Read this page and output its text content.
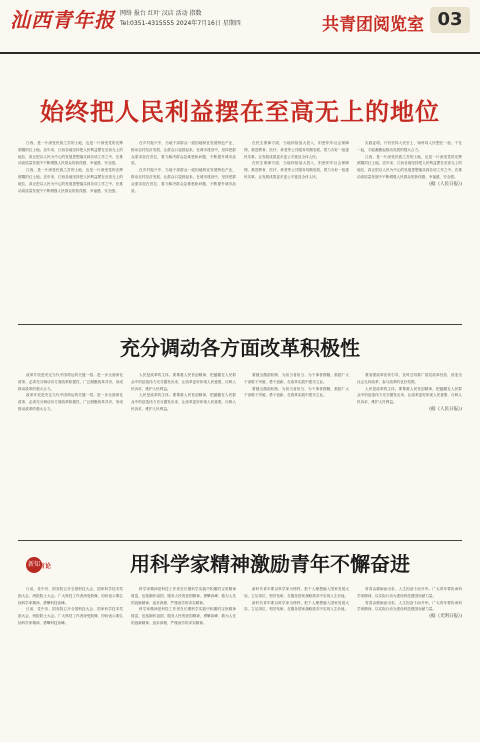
汕西青年报 网络 报台 红叶 汉店 活动 指数
Tel:0351-4315555 2024年7月16日 星期四	共青团阅览室 03
始终把人民利益摆在至高无上的地位

江西，是一片深受民族之苦的土地，也是一片深受党的光辉照耀的红土地。近年来，江西各地坚持把人民利益摆在至高无上的地位，真正把以人民为中心的发展思想落实到各项工作之中，在推动高质量发展中不断增强人民群众的获得感、幸福感、安全感。

江西，是一片深受民族之苦的土地，也是一片深受党的光辉照耀的红土地。近年来，江西各地坚持把人民利益摆在至高无上的地位，真正把以人民为中心的发展思想落实到各项工作之中，在推动高质量发展中不断增强人民群众的获得感、幸福感、安全感。

在乡村振兴中，当地干部群众一道因地制宜发展特色产业，推动农村经济发展，让群众口袋鼓起来。在城市建设中，坚持把群众需求放在首位，着力解决群众急难愁盼问题，不断提升城市品质。

在乡村振兴中，当地干部群众一道因地制宜发展特色产业，推动农村经济发展，让群众口袋鼓起来。在城市建设中，坚持把群众需求放在首位，着力解决群众急难愁盼问题，不断提升城市品质。

在民生保障方面，当地持续加大投入，织密织牢社会保障网，推进教育、医疗、养老等公共服务均衡发展，着力办好一批惠民实事，让发展成果更多更公平惠及全体人民。

在民生保障方面，当地持续加大投入，织密织牢社会保障网，推进教育、医疗、养老等公共服务均衡发展，着力办好一批惠民实事，让发展成果更多更公平惠及全体人民。

实践证明，只有坚持人民至上，始终同人民想在一起、干在一起，才能凝聚起推动发展的强大合力。

江西，是一片深受民族之苦的土地，也是一片深受党的光辉照耀的红土地。近年来，江西各地坚持把人民利益摆在至高无上的地位，真正把以人民为中心的发展思想落实到各项工作之中，在推动高质量发展中不断增强人民群众的获得感、幸福感、安全感。

(据《人民日报》)
充分调动各方面改革积极性

改革开放是决定当代中国命运的关键一招。进一步全面深化改革，必须充分调动各方面改革积极性，广泛凝聚改革共识，形成推动改革的强大合力。

改革开放是决定当代中国命运的关键一招。进一步全面深化改革，必须充分调动各方面改革积极性，广泛凝聚改革共识，形成推动改革的强大合力。

人民是改革的主体。要尊重人民首创精神，把蕴藏在人民群众中的创造伟力充分激发出来，让改革更好体现人民意愿、反映人民诉求、维护人民利益。

人民是改革的主体。要尊重人民首创精神，把蕴藏在人民群众中的创造伟力充分激发出来，让改革更好体现人民意愿、反映人民诉求、维护人民利益。

要健全激励机制，为担当者担当、为干事者撑腰，鼓励广大干部敢于突破、勇于创新，在改革实践中建功立业。

要健全激励机制，为担当者担当、为干事者撑腰，鼓励广大干部敢于突破、勇于创新，在改革实践中建功立业。

要加强改革宣传引导，及时总结推广基层改革经验，营造全社会支持改革、参与改革的良好氛围。

人民是改革的主体。要尊重人民首创精神，把蕴藏在人民群众中的创造伟力充分激发出来，让改革更好体现人民意愿、反映人民诉求、维护人民利益。

(据《人民日报》)
新知 言论	用科学家精神激励青年不懈奋进

日前，党中央、国务院召开全国科技大会、国家科学技术奖励大会、两院院士大会。广大科技工作者深受鼓舞，纷纷表示要弘扬科学家精神，勇攀科技高峰。

日前，党中央、国务院召开全国科技大会、国家科学技术奖励大会、两院院士大会。广大科技工作者深受鼓舞，纷纷表示要弘扬科学家精神，勇攀科技高峰。

科学家精神是科技工作者在长期科学实践中积累的宝贵精神财富，包括胸怀祖国、服务人民的爱国精神，勇攀高峰、敢为人先的创新精神，追求真理、严谨治学的求实精神。

科学家精神是科技工作者在长期科学实践中积累的宝贵精神财富，包括胸怀祖国、服务人民的爱国精神，勇攀高峰、敢为人先的创新精神，追求真理、严谨治学的求实精神。

新时代青年要以科学家为榜样，把个人理想融入国家发展大局，立足岗位、刻苦钻研，在服务国家战略需求中实现人生价值。

新时代青年要以科学家为榜样，把个人理想融入国家发展大局，立足岗位、刻苦钻研，在服务国家战略需求中实现人生价值。

青春由磨砺而出彩，人生因奋斗而升华。广大青年要传承科学家精神，以实际行动为建设科技强国贡献力量。

青春由磨砺而出彩，人生因奋斗而升华。广大青年要传承科学家精神，以实际行动为建设科技强国贡献力量。

(据《光明日报》)
